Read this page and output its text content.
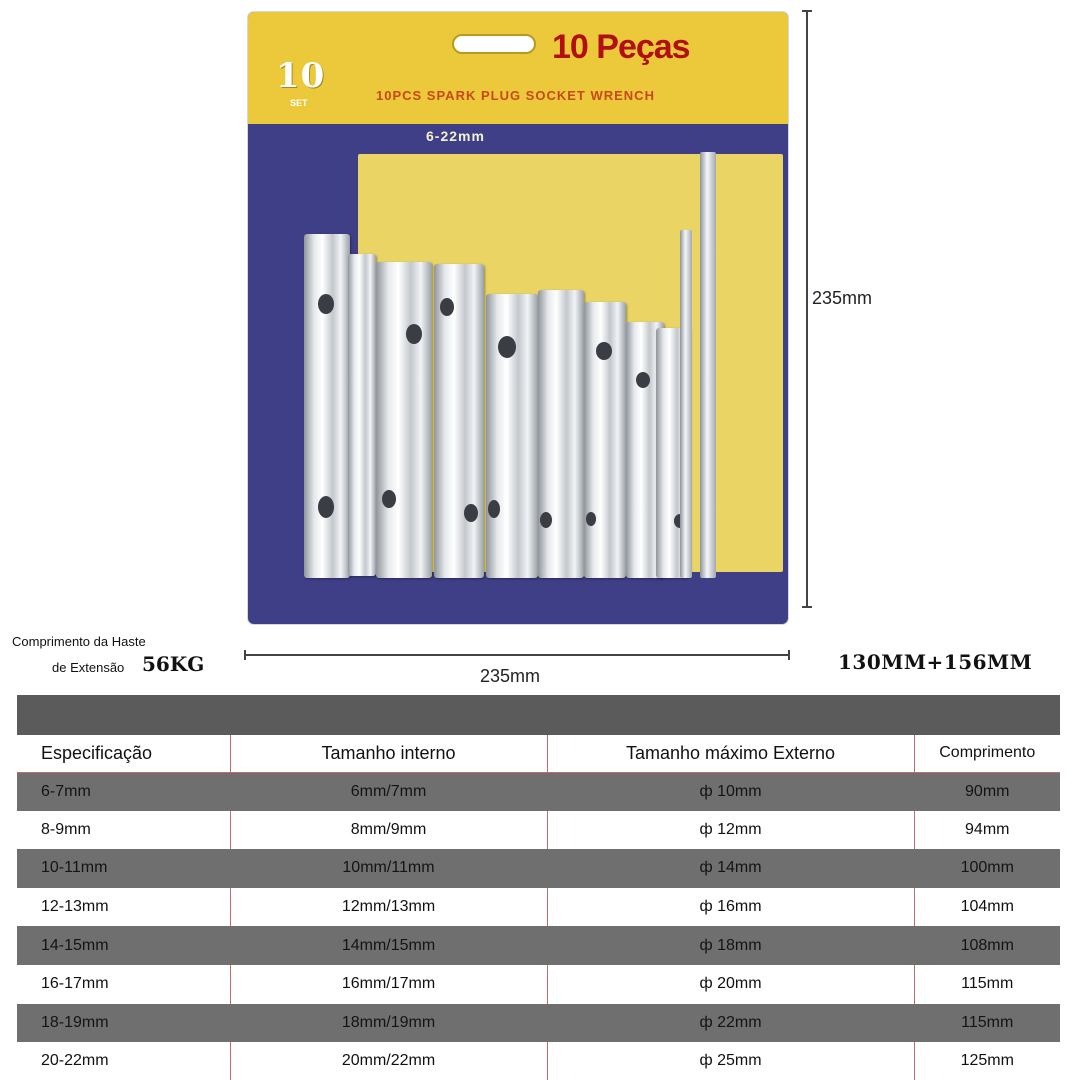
10
SET	10PCS SPARK PLUG SOCKET WRENCH
6-22mm
10 Peças
235mm
235mm
Comprimento da Haste
de Extensão 56KG	130MM+156MM
Especificação	Tamanho interno	Tamanho máximo Externo	Comprimento
6-7mm	6mm/7mm	ф 10mm	90mm
8-9mm	8mm/9mm	ф 12mm	94mm
10-11mm	10mm/11mm	ф 14mm	100mm
12-13mm	12mm/13mm	ф 16mm	104mm
14-15mm	14mm/15mm	ф 18mm	108mm
16-17mm	16mm/17mm	ф 20mm	115mm
18-19mm	18mm/19mm	ф 22mm	115mm
20-22mm	20mm/22mm	ф 25mm	125mm
